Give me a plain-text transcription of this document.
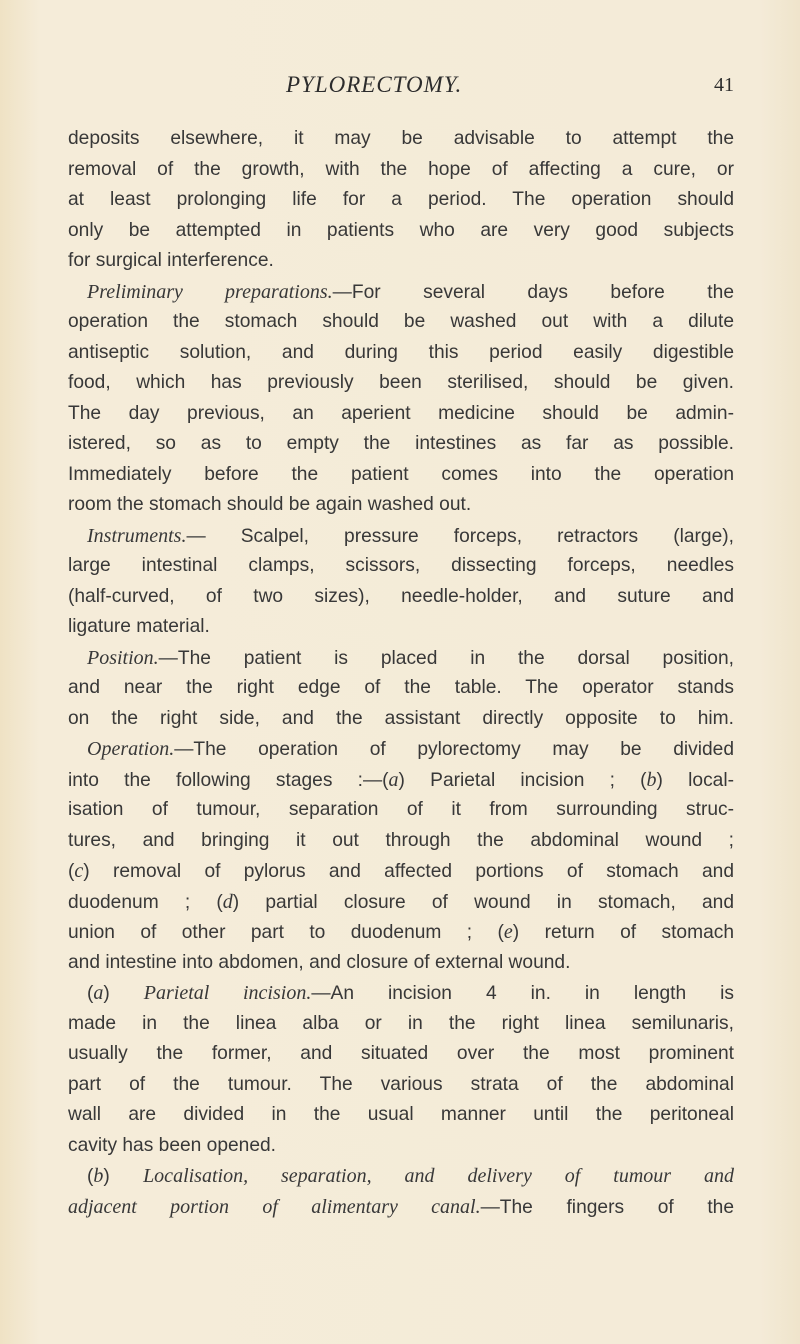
PYLORECTOMY.	41
deposits elsewhere, it may be advisable to attempt the
removal of the growth, with the hope of affecting a cure, or
at least prolonging life for a period. The operation should
only be attempted in patients who are very good subjects
for surgical interference.
Preliminary preparations.—For several days before the
operation the stomach should be washed out with a dilute
antiseptic solution, and during this period easily digestible
food, which has previously been sterilised, should be given.
The day previous, an aperient medicine should be admin-
istered, so as to empty the intestines as far as possible.
Immediately before the patient comes into the operation
room the stomach should be again washed out.
Instruments.— Scalpel, pressure forceps, retractors (large),
large intestinal clamps, scissors, dissecting forceps, needles
(half-curved, of two sizes), needle-holder, and suture and
ligature material.
Position.—The patient is placed in the dorsal position,
and near the right edge of the table. The operator stands
on the right side, and the assistant directly opposite to him.
Operation.—The operation of pylorectomy may be divided
into the following stages :—(a) Parietal incision ; (b) local-
isation of tumour, separation of it from surrounding struc-
tures, and bringing it out through the abdominal wound ;
(c) removal of pylorus and affected portions of stomach and
duodenum ; (d) partial closure of wound in stomach, and
union of other part to duodenum ; (e) return of stomach
and intestine into abdomen, and closure of external wound.
(a) Parietal incision.—An incision 4 in. in length is
made in the linea alba or in the right linea semilunaris,
usually the former, and situated over the most prominent
part of the tumour. The various strata of the abdominal
wall are divided in the usual manner until the peritoneal
cavity has been opened.
(b) Localisation, separation, and delivery of tumour and
adjacent portion of alimentary canal.—The fingers of the
